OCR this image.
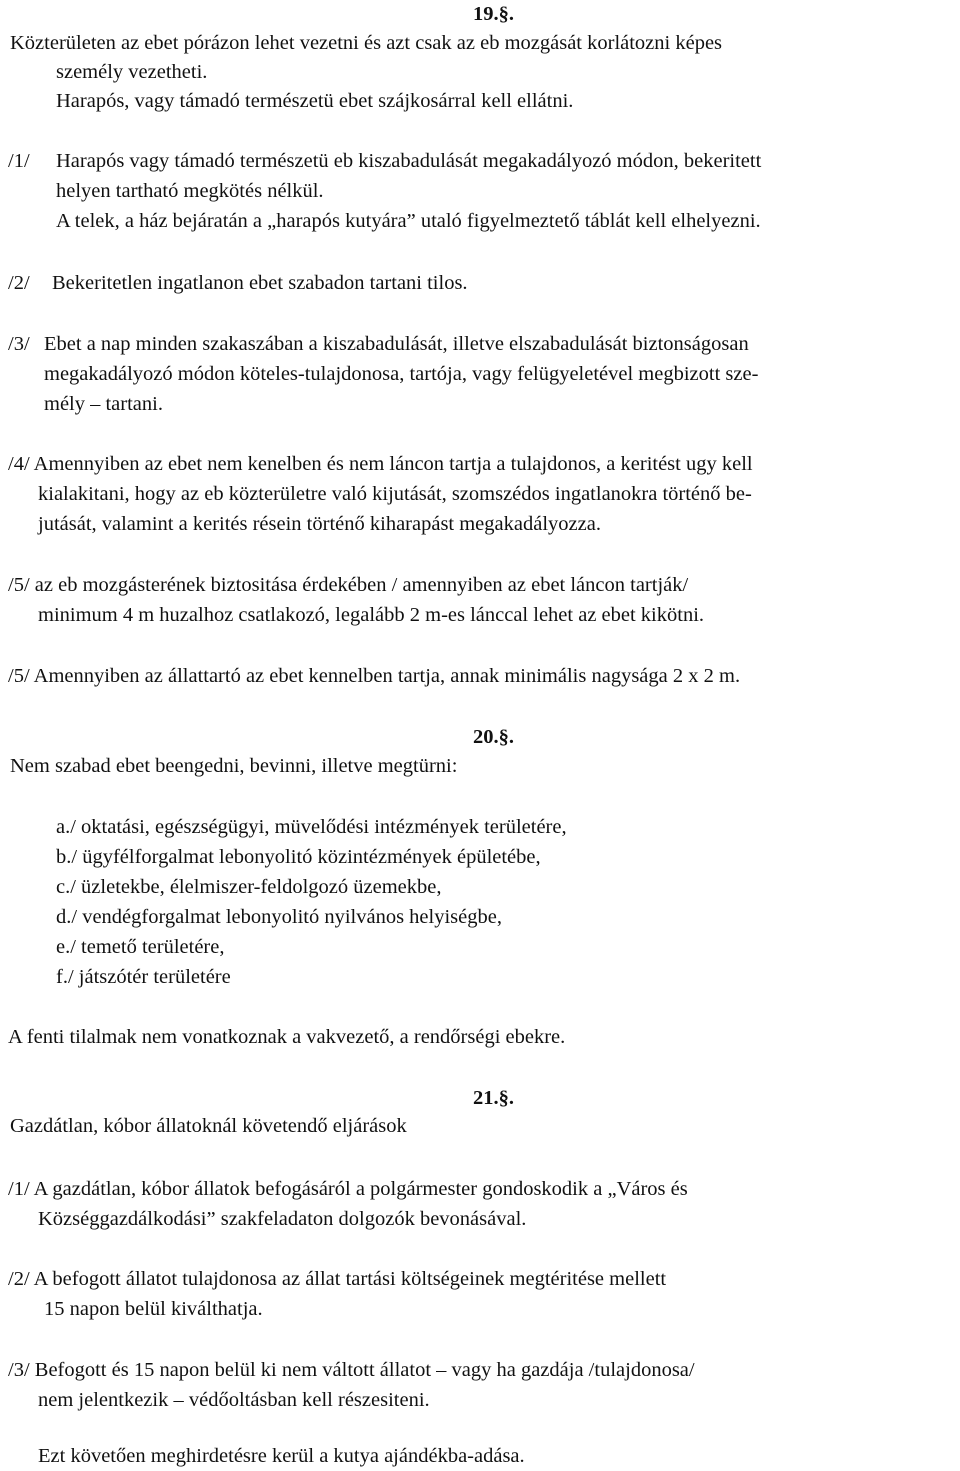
19.§.
Közterületen az ebet pórázon lehet vezetni és azt csak az eb mozgását korlátozni képes
személy vezetheti.
Harapós, vagy támadó természetü ebet szájkosárral kell ellátni.
/1/ Harapós vagy támadó természetü eb kiszabadulását megakadályozó módon, bekeritett
helyen tartható megkötés nélkül.
A telek, a ház bejáratán a „harapós kutyára” utaló figyelmeztető táblát kell elhelyezni.
/2/ Bekeritetlen ingatlanon ebet szabadon tartani tilos.
/3/ Ebet a nap minden szakaszában a kiszabadulását, illetve elszabadulását biztonságosan
megakadályozó módon köteles-tulajdonosa, tartója, vagy felügyeletével megbizott sze-
mély – tartani.
/4/ Amennyiben az ebet nem kenelben és nem láncon tartja a tulajdonos, a keritést ugy kell
kialakitani, hogy az eb közterületre való kijutását, szomszédos ingatlanokra történő be-
jutását, valamint a kerités résein történő kiharapást megakadályozza.
/5/ az eb mozgásterének biztositása érdekében / amennyiben az ebet láncon tartják/
minimum 4 m huzalhoz csatlakozó, legalább 2 m-es lánccal lehet az ebet kikötni.
/5/ Amennyiben az állattartó az ebet kennelben tartja, annak minimális nagysága 2 x 2 m.
20.§.
Nem szabad ebet beengedni, bevinni, illetve megtürni:
a./ oktatási, egészségügyi, müvelődési intézmények területére,
b./ ügyfélforgalmat lebonyolitó közintézmények épületébe,
c./ üzletekbe, élelmiszer-feldolgozó üzemekbe,
d./ vendégforgalmat lebonyolitó nyilvános helyiségbe,
e./ temető területére,
f./ játszótér területére
A fenti tilalmak nem vonatkoznak a vakvezető, a rendőrségi ebekre.
21.§.
Gazdátlan, kóbor állatoknál követendő eljárások
/1/ A gazdátlan, kóbor állatok befogásáról a polgármester gondoskodik a „Város és
Községgazdálkodási” szakfeladaton dolgozók bevonásával.
/2/ A befogott állatot tulajdonosa az állat tartási költségeinek megtéritése mellett
15 napon belül kiválthatja.
/3/ Befogott és 15 napon belül ki nem váltott állatot – vagy ha gazdája /tulajdonosa/
nem jelentkezik – védőoltásban kell részesiteni.
Ezt követően meghirdetésre kerül a kutya ajándékba-adása.
